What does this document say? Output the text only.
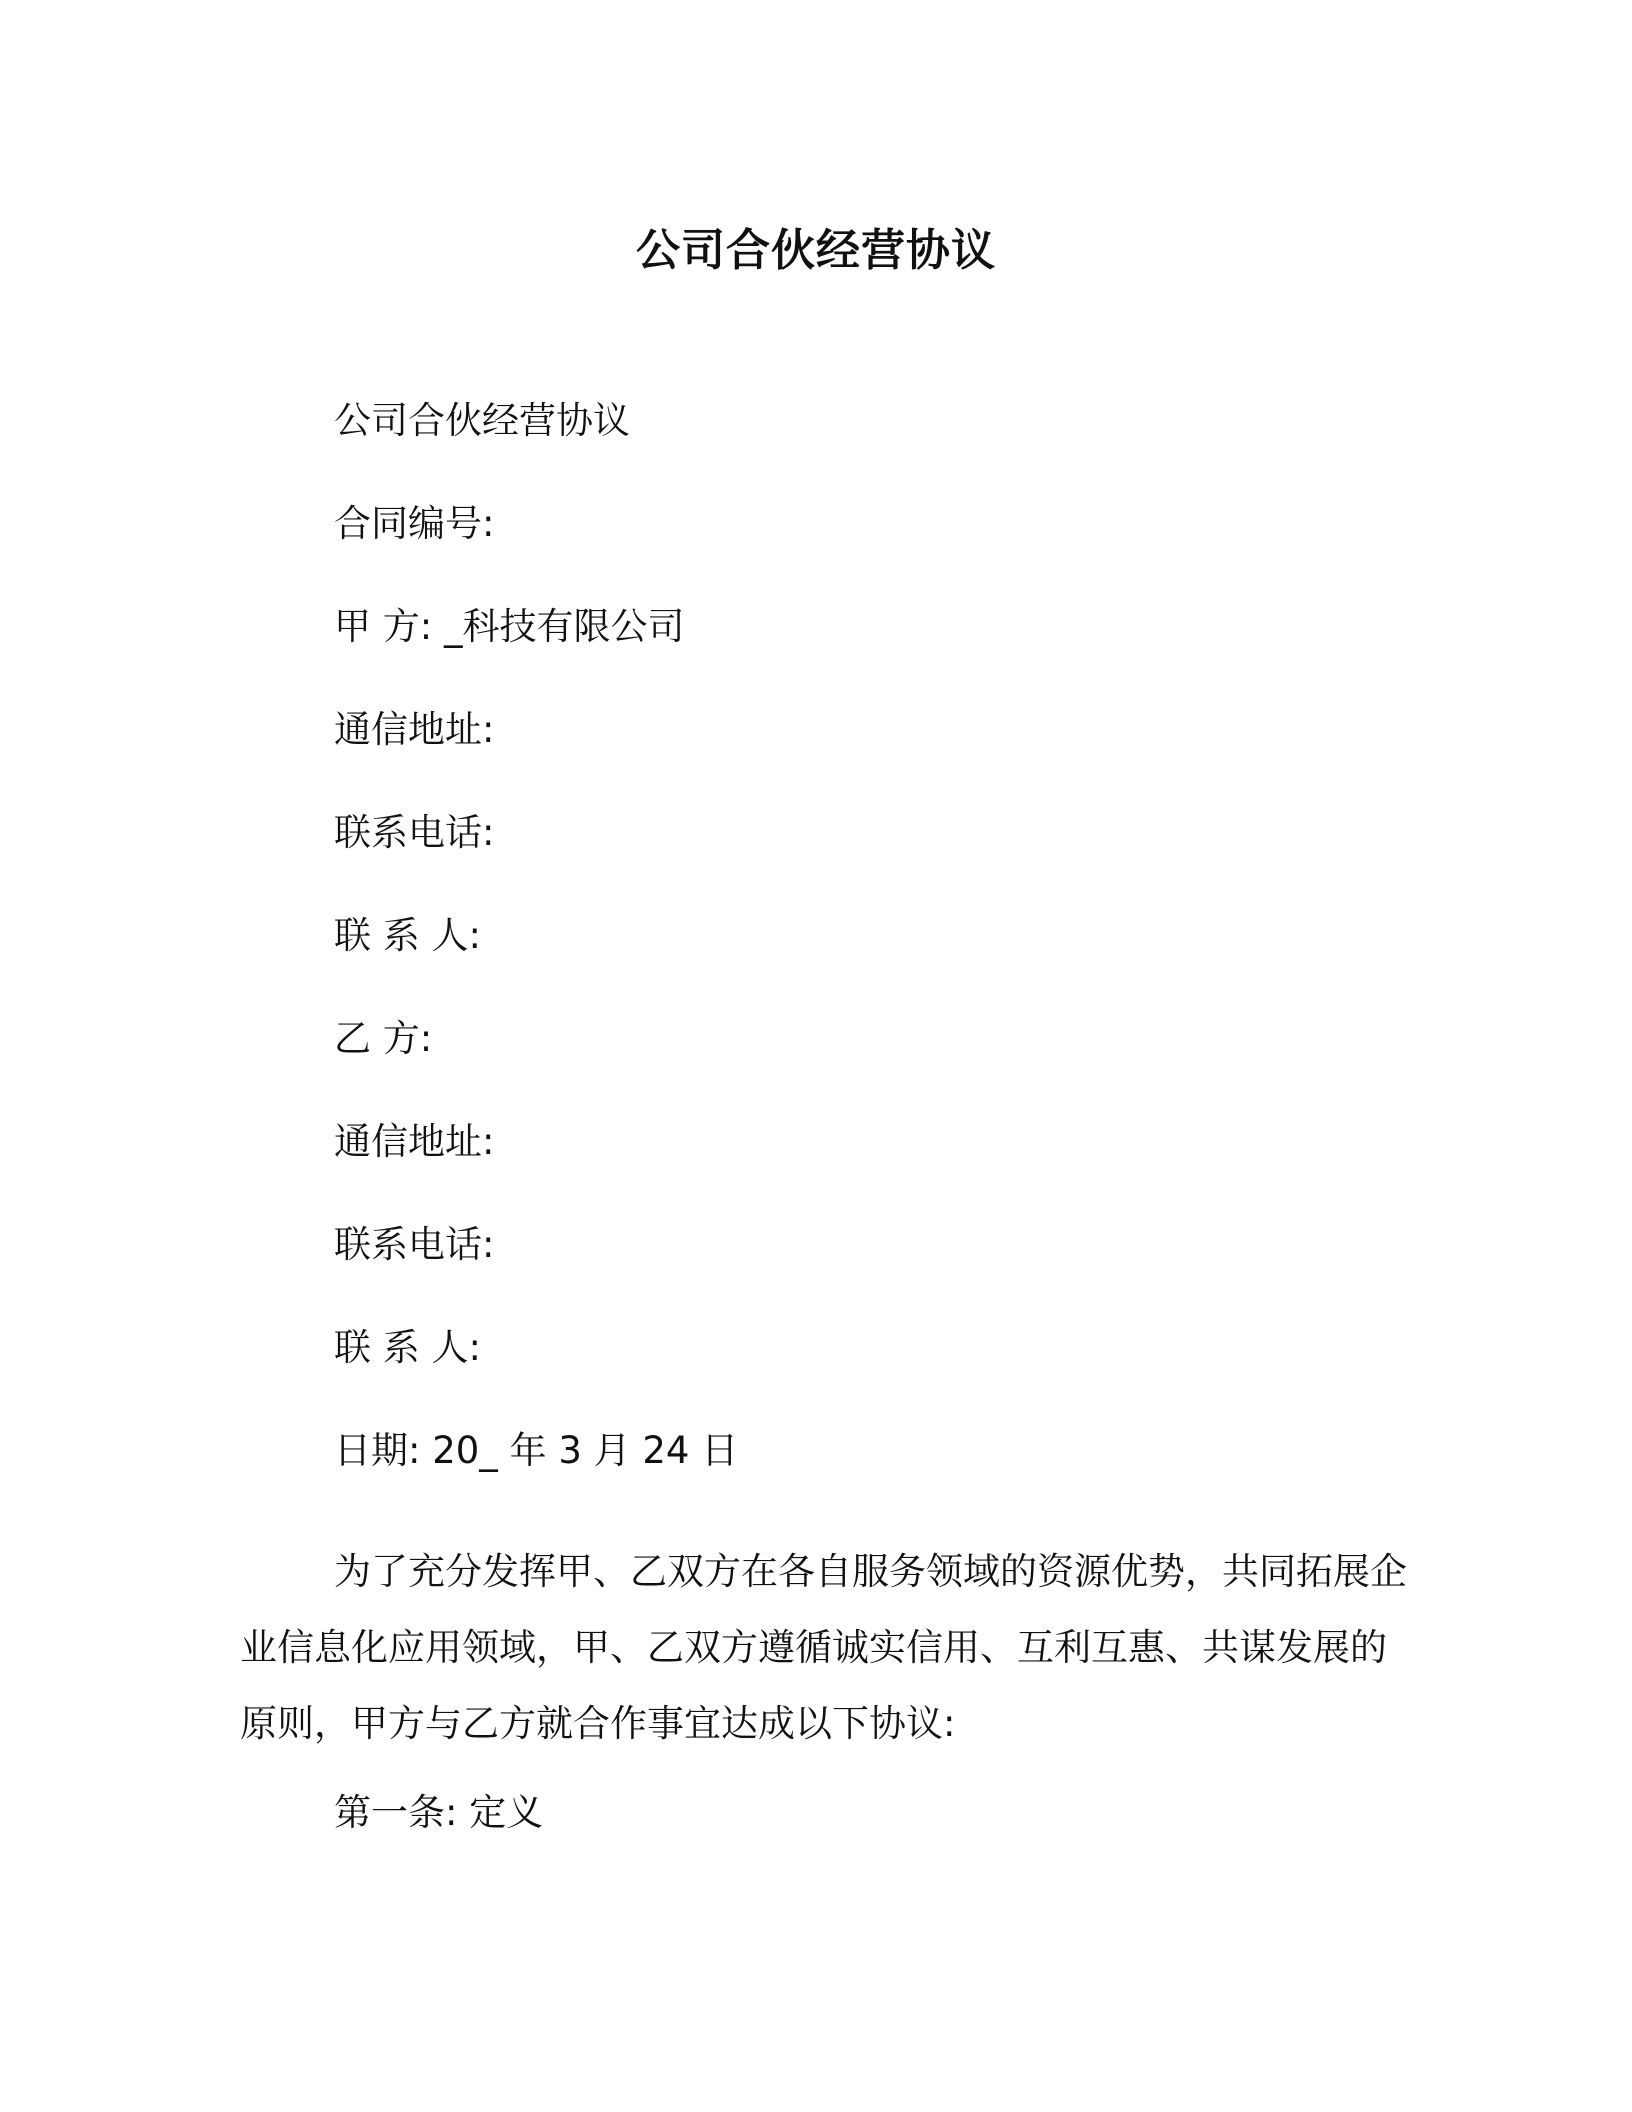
公司合伙经营协议
公司合伙经营协议
合同编号:
甲 方: _科技有限公司
通信地址:
联系电话:
联 系 人:
乙 方:
通信地址:
联系电话:
联 系 人:
日期: 20_ 年 3 月 24 日

为了充分发挥甲、乙双方在各自服务领域的资源优势，共同拓展企业信息化应用领域，甲、乙双方遵循诚实信用、互利互惠、共谋发展的原则，甲方与乙方就合作事宜达成以下协议:

第一条: 定义
